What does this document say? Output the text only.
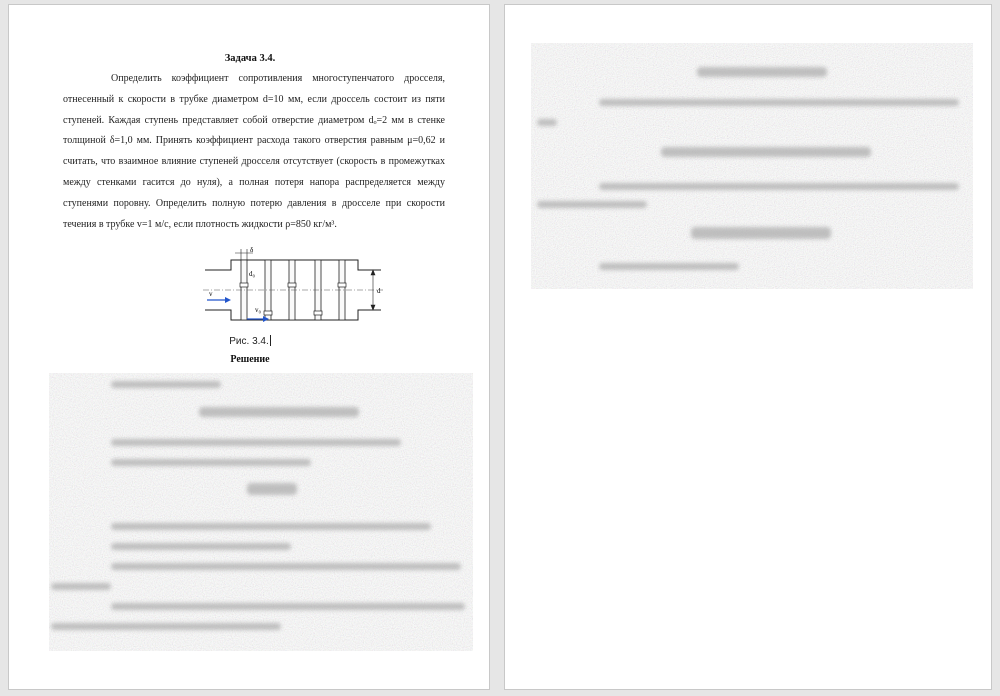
Задача 3.4.
Определить коэффициент сопротивления многоступенчатого дросселя, отнесенный к скорости в трубке диаметром d=10 мм, если дроссель состоит из пяти ступеней. Каждая ступень представляет собой отверстие диаметром dₒ=2 мм в стенке толщиной δ=1,0 мм. Принять коэффициент расхода такого отверстия равным μ=0,62 и считать, что взаимное влияние ступеней дросселя отсутствует (скорость в промежутках между стенками гасится до нуля), а полная потеря напора распределяется между ступенями поровну. Определить полную потерю давления в дросселе при скорости течения в трубке v=1 м/с, если плотность жидкости ρ=850 кг/м³.
δ
d₀
v
v₀
d
Рис. 3.4.
Решение
